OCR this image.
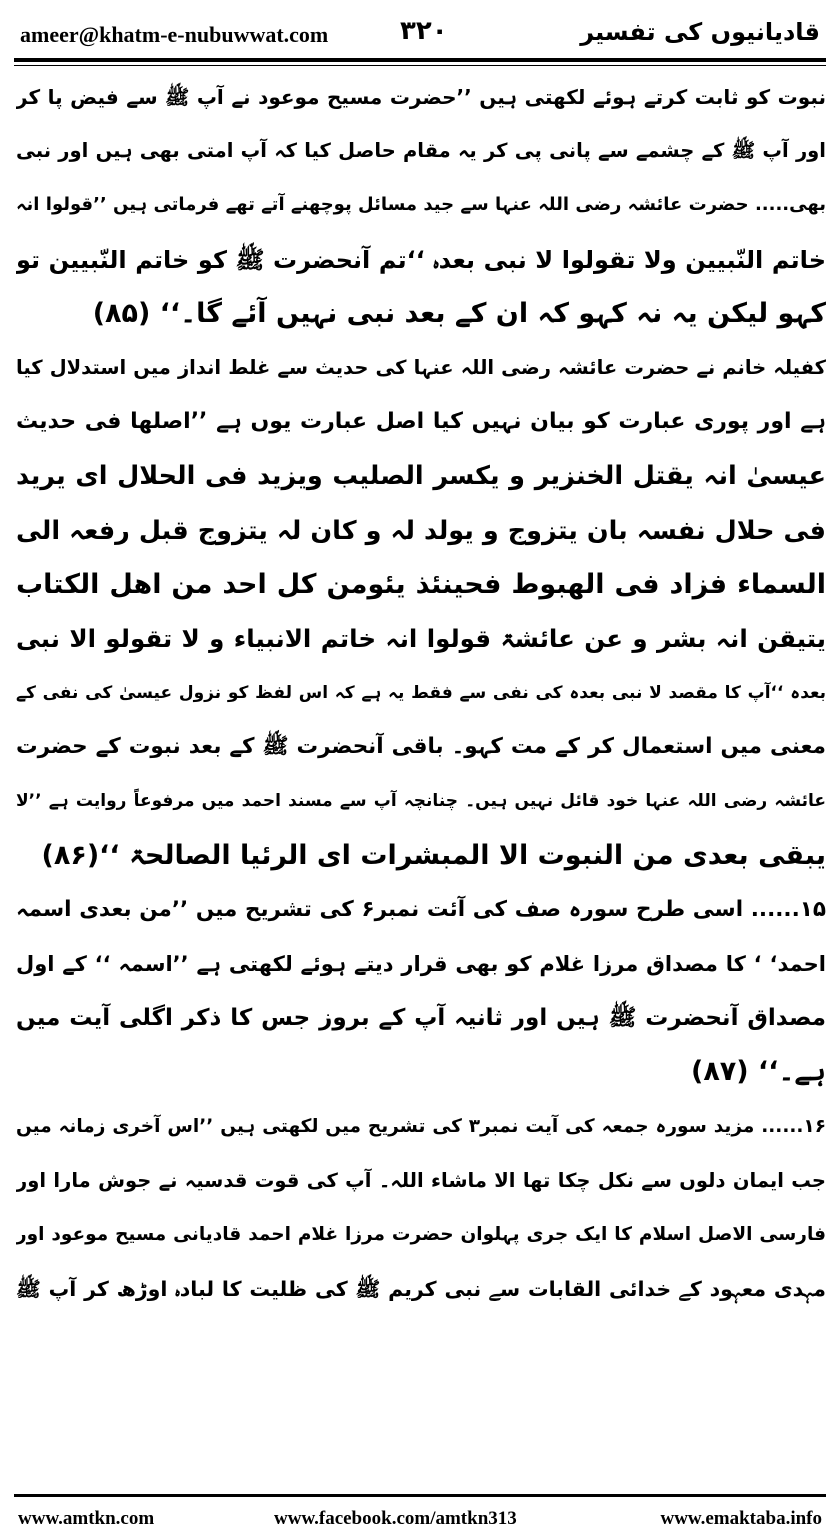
ameer@khatm-e-nubuwwat.com	۳۲۰	قادیانیوں کی تفسیر
نبوت کو ثابت کرتے ہوئے لکھتی ہیں ’’حضرت مسیح موعود نے آپ ﷺ سے فیض پا کر
اور آپ ﷺ کے چشمے سے پانی پی کر یہ مقام حاصل کیا کہ آپ امتی بھی ہیں اور نبی
بھی..... حضرت عائشہ رضی اللہ عنہا سے جید مسائل پوچھنے آتے تھے فرماتی ہیں ’’قولوا انہ
خاتم النّبیین ولا تقولوا لا نبی بعدہ ‘‘تم آنحضرت ﷺ کو خاتم النّبیین تو
کہو لیکن یہ نہ کہو کہ ان کے بعد نبی نہیں آئے گا۔‘‘ (۸۵)
کفیلہ خانم نے حضرت عائشہ رضی اللہ عنہا کی حدیث سے غلط انداز میں استدلال کیا
ہے اور پوری عبارت کو بیان نہیں کیا اصل عبارت یوں ہے ’’اصلھا فی حدیث
عیسیٰ انہ یقتل الخنزیر و یکسر الصلیب ویزید فی الحلال ای یرید
فی حلال نفسہ بان یتزوج و یولد لہ و کان لہ یتزوج قبل رفعہ الی
السماء فزاد فی الھبوط فحینئذ یئومن کل احد من اھل الکتاب
یتیقن انہ بشر و عن عائشۃ قولوا انہ خاتم الانبیاء و لا تقولو الا نبی
بعدہ ‘‘آپ کا مقصد لا نبی بعدہ کی نفی سے فقط یہ ہے کہ اس لفظ کو نزول عیسیٰ کی نفی کے
معنی میں استعمال کر کے مت کہو۔ باقی آنحضرت ﷺ کے بعد نبوت کے حضرت
عائشہ رضی اللہ عنہا خود قائل نہیں ہیں۔ چنانچہ آپ سے مسند احمد میں مرفوعاً روایت ہے ’’لا
یبقی بعدی من النبوت الا المبشرات ای الرئیا الصالحۃ ‘‘(۸۶)
۱۵...... اسی طرح سورہ صف کی آئت نمبر۶ کی تشریح میں ’’من بعدی اسمہ
احمد‘ ‘ کا مصداق مرزا غلام کو بھی قرار دیتے ہوئے لکھتی ہے ’’اسمہ ‘‘ کے اول
مصداق آنحضرت ﷺ ہیں اور ثانیہ آپ کے بروز جس کا ذکر اگلی آیت میں
ہے۔‘‘ (۸۷)
۱۶...... مزید سورہ جمعہ کی آیت نمبر۳ کی تشریح میں لکھتی ہیں ’’اس آخری زمانہ میں
جب ایمان دلوں سے نکل چکا تھا الا ماشاء اللہ۔ آپ کی قوت قدسیہ نے جوش مارا اور
فارسی الاصل اسلام کا ایک جری پہلوان حضرت مرزا غلام احمد قادیانی مسیح موعود اور
مہدی معہود کے خدائی القابات سے نبی کریم ﷺ کی ظلیت کا لبادہ اوڑھ کر آپ ﷺ
www.amtkn.com	www.facebook.com/amtkn313	www.emaktaba.info
